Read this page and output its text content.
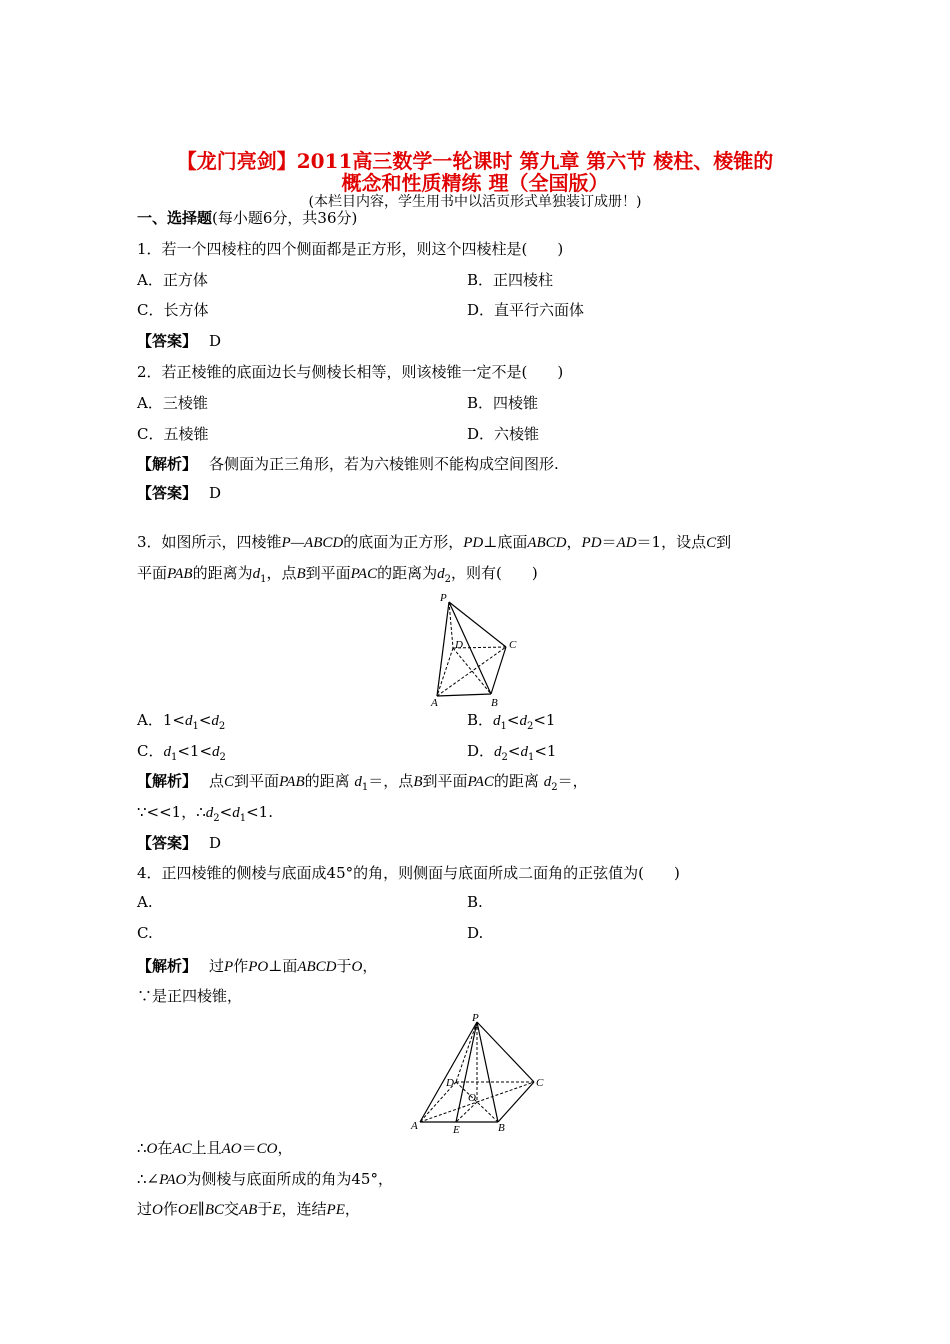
【龙门亮剑】2011高三数学一轮课时 第九章 第六节 棱柱、棱锥的
概念和性质精练 理（全国版）
(本栏目内容，学生用书中以活页形式单独装订成册！)
一、选择题(每小题6分，共36分)
1．若一个四棱柱的四个侧面都是正方形，则这个四棱柱是(　　)
A．正方体	B．正四棱柱
C．长方体	D．直平行六面体
【答案】 D
2．若正棱锥的底面边长与侧棱长相等，则该棱锥一定不是(　　)
A．三棱锥	B．四棱锥
C．五棱锥	D．六棱锥
【解析】 各侧面为正三角形，若为六棱锥则不能构成空间图形.
【答案】 D
3．如图所示，四棱锥P—ABCD的底面为正方形，PD⊥底面ABCD，PD＝AD＝1，设点C到
平面PAB的距离为$d_1$，点B到平面PAC的距离为$d_2$，则有(　　)
P
D	C
A	B
A．$1<d_1<d_2$	B．$d_1<d_2<1$
C．$d_1<1<d_2$	D．$d_2<d_1<1$
【解析】 点C到平面PAB的距离 $d_1=$，点B到平面PAC的距离 $d_2=$，
∵<<1，$\therefore d_2<d_1<1$.
【答案】 D
4．正四棱锥的侧棱与底面成45°的角，则侧面与底面所成二面角的正弦值为(　　)
A.	B.
C.	D.
【解析】 过P作PO⊥面ABCD于O，
∵是正四棱锥，
P
D	C
O
A	E	B
∴O在AC上且AO＝CO，
∴∠PAO为侧棱与底面所成的角为45°，
过O作OE∥BC交AB于E，连结PE，
